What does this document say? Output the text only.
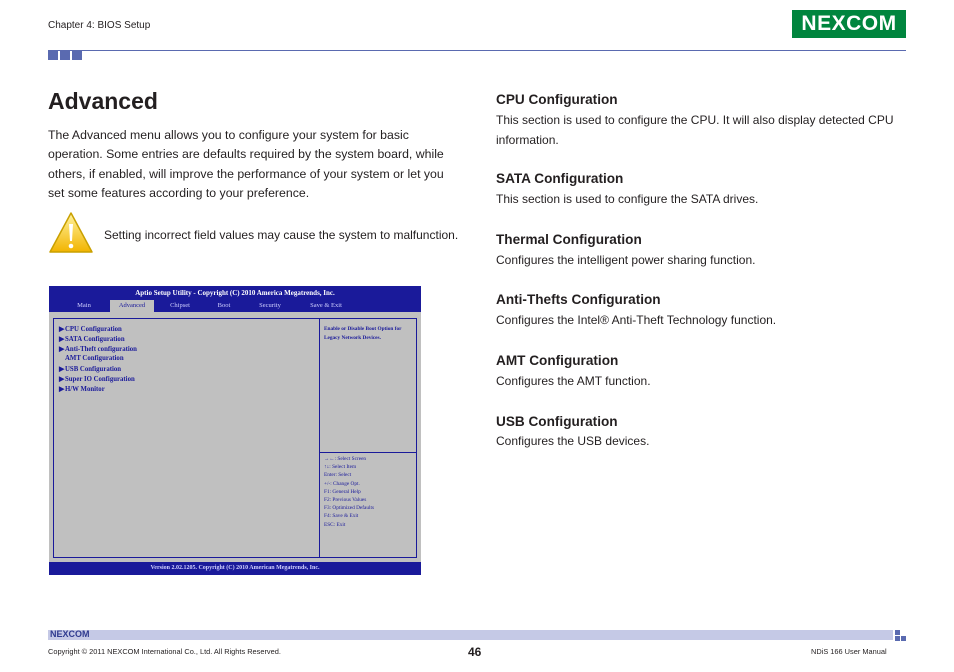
Chapter 4: BIOS Setup	NEXCOM
Advanced
The Advanced menu allows you to configure your system for basic operation. Some entries are defaults required by the system board, while others, if enabled, will improve the performance of your system or let you set some features according to your preference.
Setting incorrect field values may cause the system to malfunction.
Aptio Setup Utility - Copyright (C) 2010 America Megatrends, Inc.
Main	Advanced	Chipset	Boot	Security	Save & Exit
▶CPU Configuration
▶SATA Configuration
▶Anti-Theft configuration
AMT Configuration
▶USB Configuration
▶Super IO Configuration
▶H/W Monitor
Enable or Disable Boot Option for Legacy Network Devices.
→←: Select Screen
↑↓: Select Item
Enter: Select
+/-: Change Opt.
F1: General Help
F2: Previous Values
F3: Optimized Defaults
F4: Save & Exit
ESC: Exit
Version 2.02.1205. Copyright (C) 2010 American Megatrends, Inc.
CPU Configuration
This section is used to configure the CPU. It will also display detected CPU information.
SATA Configuration
This section is used to configure the SATA drives.
Thermal Configuration
Configures the intelligent power sharing function.
Anti-Thefts Configuration
Configures the Intel® Anti-Theft Technology function.
AMT Configuration
Configures the AMT function.
USB Configuration
Configures the USB devices.
NEXCOM
Copyright © 2011 NEXCOM International Co., Ltd. All Rights Reserved.	46	NDiS 166 User Manual
